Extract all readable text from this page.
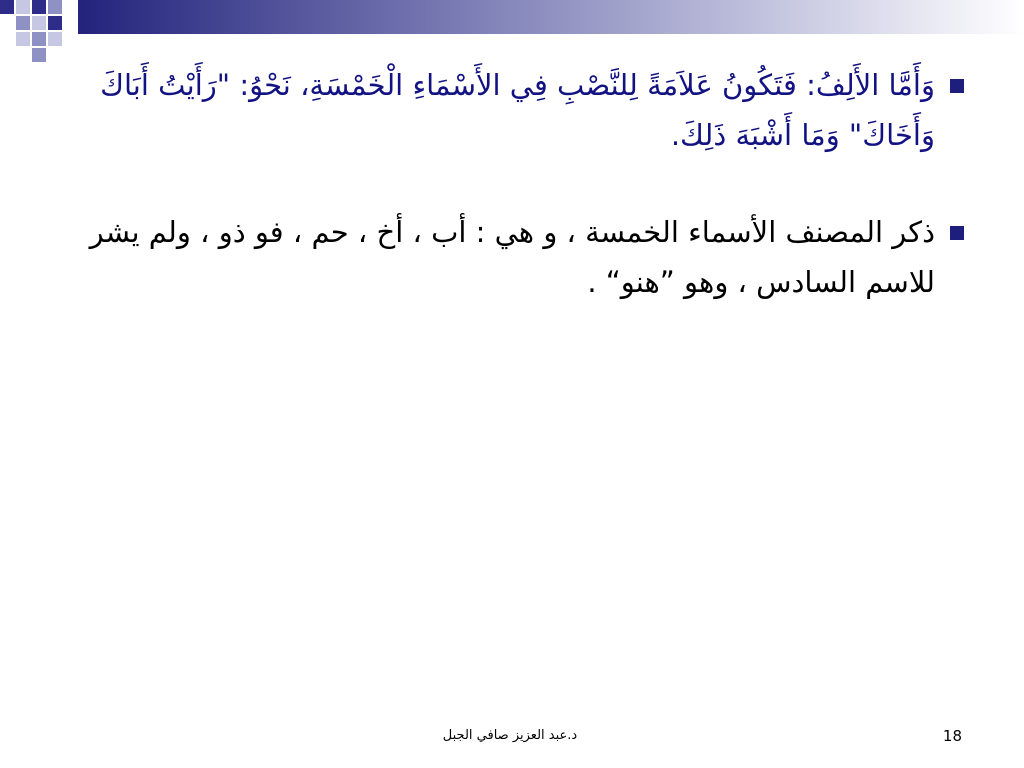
وَأَمَّا الأَلِفُ: فَتَكُونُ عَلاَمَةً لِلنَّصْبِ فِي الأَسْمَاءِ الْخَمْسَةِ، نَحْوُ: "رَأَيْتُ أَبَاكَ وَأَخَاكَ" وَمَا أَشْبَهَ ذَلِكَ.

ذكر المصنف الأسماء الخمسة ، و هي : أب ، أخ ، حم ، فو ذو ، ولم يشر للاسم السادس ، وهو ”هنو“ .

د.عبد العزيز صافي الجبل	18
